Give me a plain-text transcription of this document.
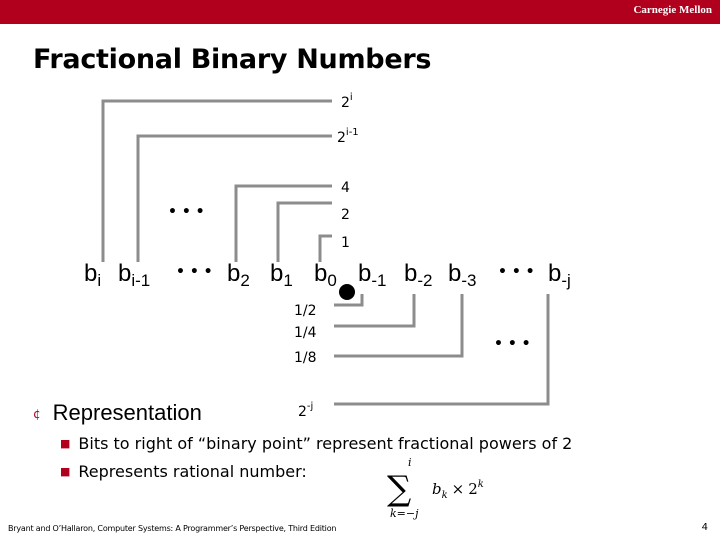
Carnegie Mellon
Fractional Binary Numbers
2$^i$
2$^{i-1}$
4
2
1
1/2
1/4
1/8
$2^{-j}$
• • •
• • •	• • •
• • •
$b_i$ $b_{i-1}$	$b_2$ $b_1$ $b_0$ $b_{-1}$ $b_{-2}$ $b_{-3}$	$b_{-j}$
i
∑
k=−j
$b_k \times 2^k$
¢ Representation
■ Bits to right of “binary point” represent fractional powers of 2
■ Represents rational number:
Bryant and O’Hallaron, Computer Systems: A Programmer’s Perspective, Third Edition	4
